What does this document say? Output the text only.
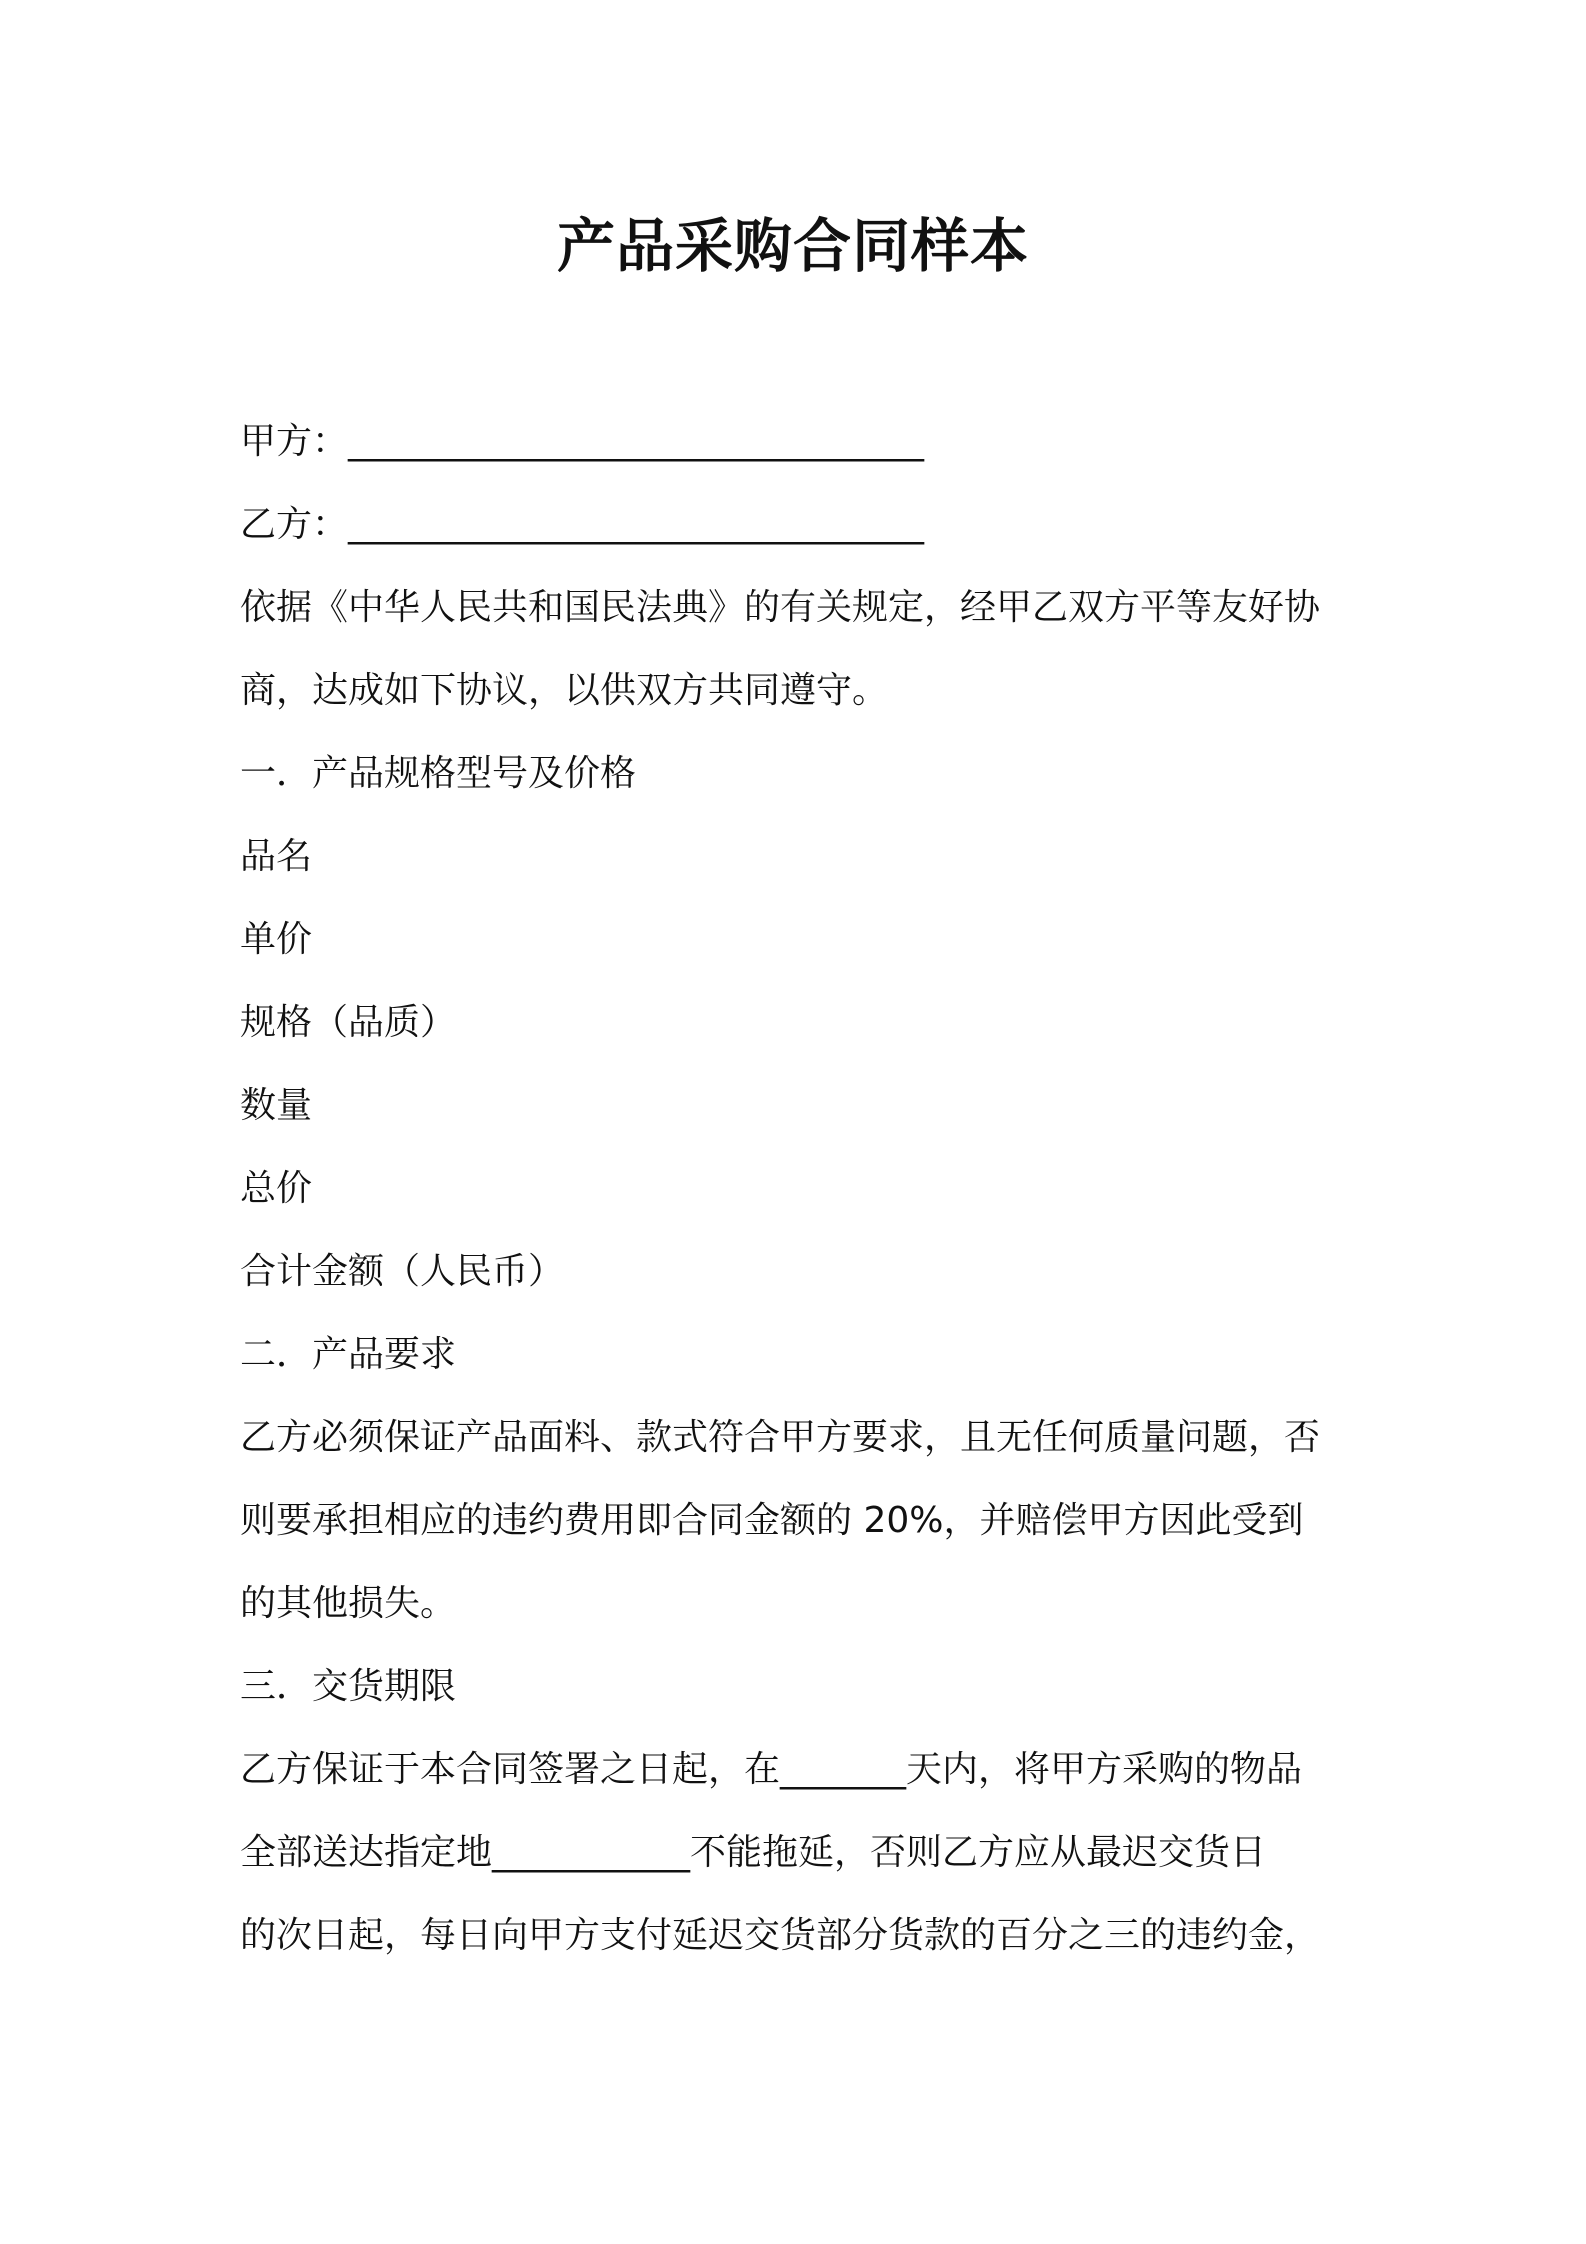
产品采购合同样本
甲方：________________________________
乙方：________________________________
依据《中华人民共和国民法典》的有关规定，经甲乙双方平等友好协
商，达成如下协议，以供双方共同遵守。
一．产品规格型号及价格
品名
单价
规格（品质）
数量
总价
合计金额（人民币）
二．产品要求
乙方必须保证产品面料、款式符合甲方要求，且无任何质量问题，否
则要承担相应的违约费用即合同金额的 20%，并赔偿甲方因此受到
的其他损失。
三．交货期限
乙方保证于本合同签署之日起，在_______天内，将甲方采购的物品
全部送达指定地___________不能拖延，否则乙方应从最迟交货日
的次日起，每日向甲方支付延迟交货部分货款的百分之三的违约金，
